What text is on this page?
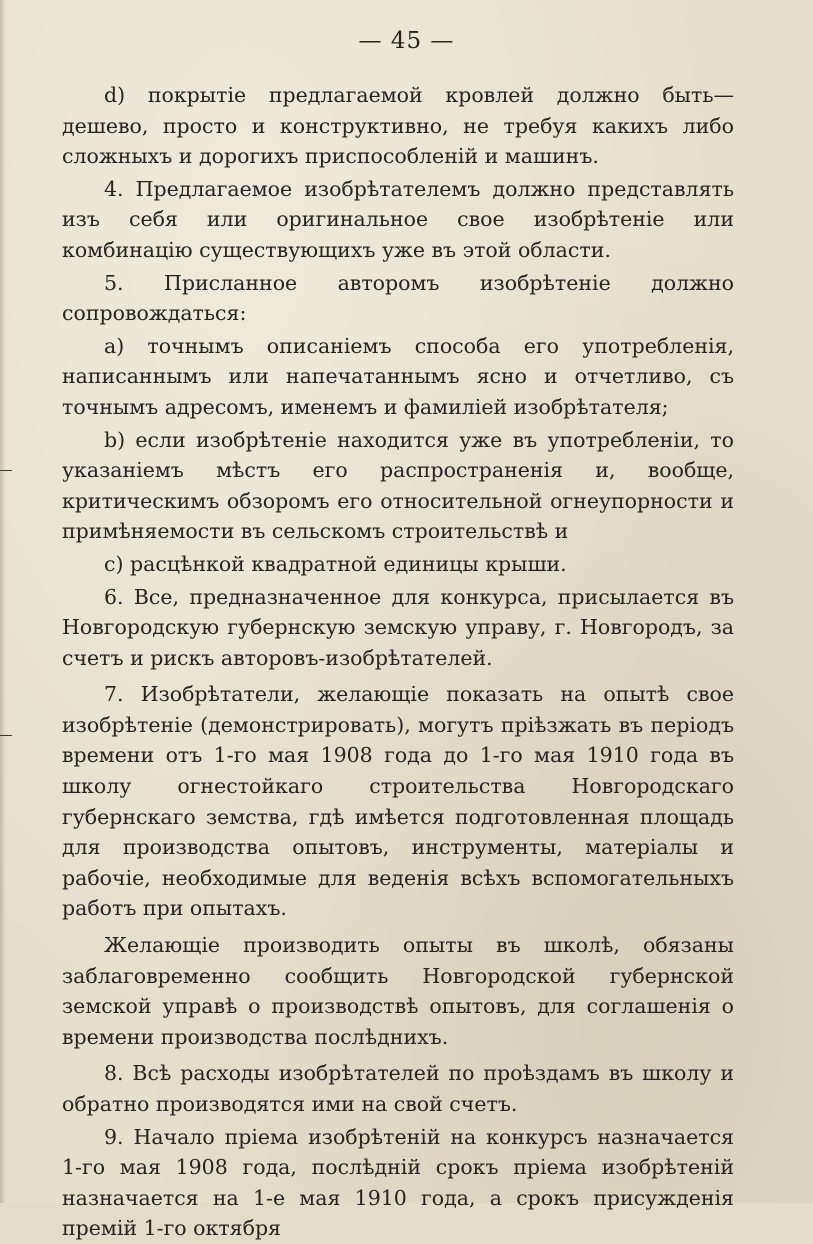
— 45 —

d) покрытіе предлагаемой кровлей должно быть—дешево, просто и конструктивно, не требуя какихъ либо сложныхъ и дорогихъ приспособленій и машинъ.

4. Предлагаемое изобрѣтателемъ должно представлять изъ себя или оригинальное свое изобрѣтеніе или комбинацію существующихъ уже въ этой области.

5. Присланное авторомъ изобрѣтеніе должно сопровождаться:

a) точнымъ описаніемъ способа его употребленія, написаннымъ или напечатаннымъ ясно и отчетливо, съ точнымъ адресомъ, именемъ и фамиліей изобрѣтателя;

b) если изобрѣтеніе находится уже въ употребленіи, то указаніемъ мѣстъ его распространенія и, вообще, критическимъ обзоромъ его относительной огнеупорности и примѣняемости въ сельскомъ строительствѣ и

c) расцѣнкой квадратной единицы крыши.

6. Все, предназначенное для конкурса, присылается въ Новгородскую губернскую земскую управу, г. Новгородъ, за счетъ и рискъ авторовъ-изобрѣтателей.

7. Изобрѣтатели, желающіе показать на опытѣ свое изобрѣтеніе (демонстрировать), могутъ пріѣзжать въ періодъ времени отъ 1-го мая 1908 года до 1-го мая 1910 года въ школу огнестойкаго строительства Новгородскаго губернскаго земства, гдѣ имѣется подготовленная площадь для производства опытовъ, инструменты, матеріалы и рабочіе, необходимые для веденія всѣхъ вспомогательныхъ работъ при опытахъ.

Желающіе производить опыты въ школѣ, обязаны заблаговременно сообщить Новгородской губернской земской управѣ о производствѣ опытовъ, для соглашенія о времени производства послѣднихъ.

8. Всѣ расходы изобрѣтателей по проѣздамъ въ школу и обратно производятся ими на свой счетъ.

9. Начало пріема изобрѣтеній на конкурсъ назначается 1-го мая 1908 года, послѣдній срокъ пріема изобрѣтеній назначается на 1-е мая 1910 года, а срокъ присужденія премій 1-го октября
